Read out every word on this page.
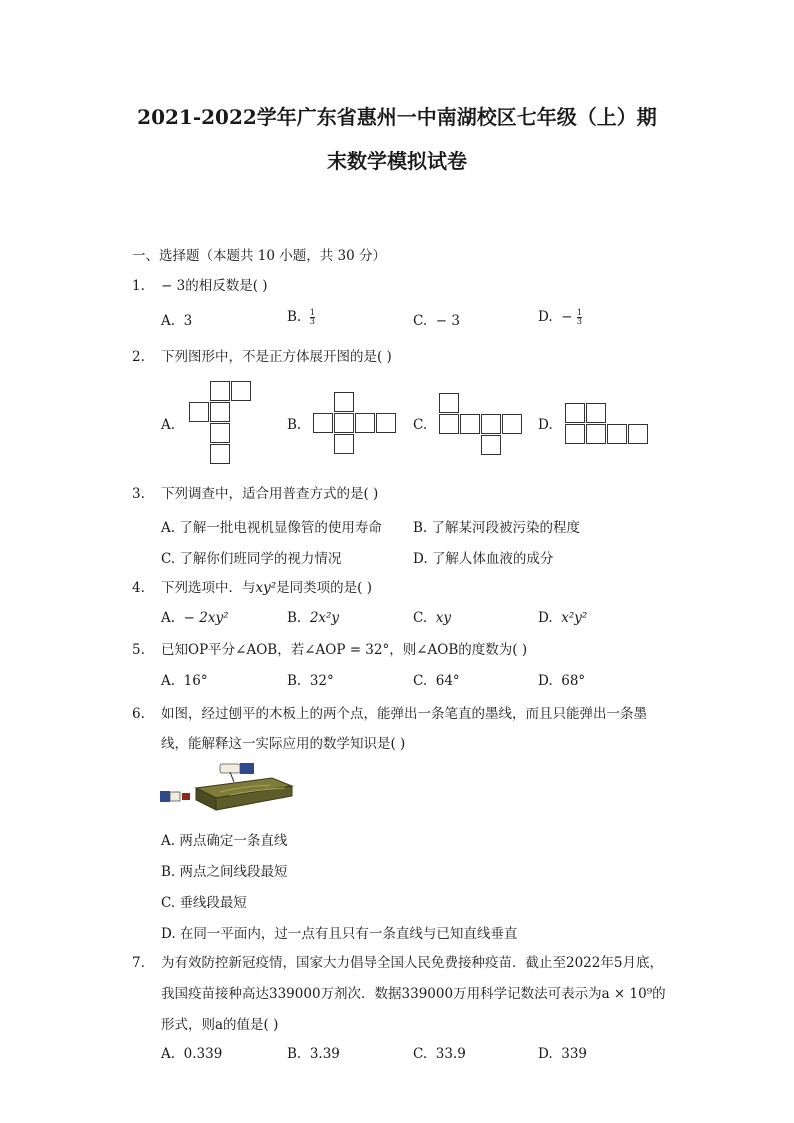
2021-2022学年广东省惠州一中南湖校区七年级（上）期
末数学模拟试卷
一、选择题（本题共 10 小题，共 30 分）
1. − 3的相反数是( )
A. 3	B. $\frac{1}{3}$	C. − 3	D. − $\frac{1}{3}$
2. 下列图形中，不是正方体展开图的是( )
A.	B.	C.	D.
3. 下列调查中，适合用普查方式的是( )
A. 了解一批电视机显像管的使用寿命 B. 了解某河段被污染的程度
C. 了解你们班同学的视力情况	D. 了解人体血液的成分
4. 下列选项中．与xy²是同类项的是( )
A. − 2xy²	B. 2x²y	C. xy	D. x²y²
5. 已知OP平分∠AOB，若∠AOP = 32°，则∠AOB的度数为( )
A. 16°	B. 32°	C. 64°	D. 68°
6. 如图，经过刨平的木板上的两个点，能弹出一条笔直的墨线，而且只能弹出一条墨
线，能解释这一实际应用的数学知识是( )
A. 两点确定一条直线
B. 两点之间线段最短
C. 垂线段最短
D. 在同一平面内，过一点有且只有一条直线与已知直线垂直
7. 为有效防控新冠疫情，国家大力倡导全国人民免费接种疫苗．截止至2022年5月底，
我国疫苗接种高达339000万剂次．数据339000万用科学记数法可表示为a × 10⁹的
形式，则a的值是( )
A. 0.339	B. 3.39	C. 33.9	D. 339
